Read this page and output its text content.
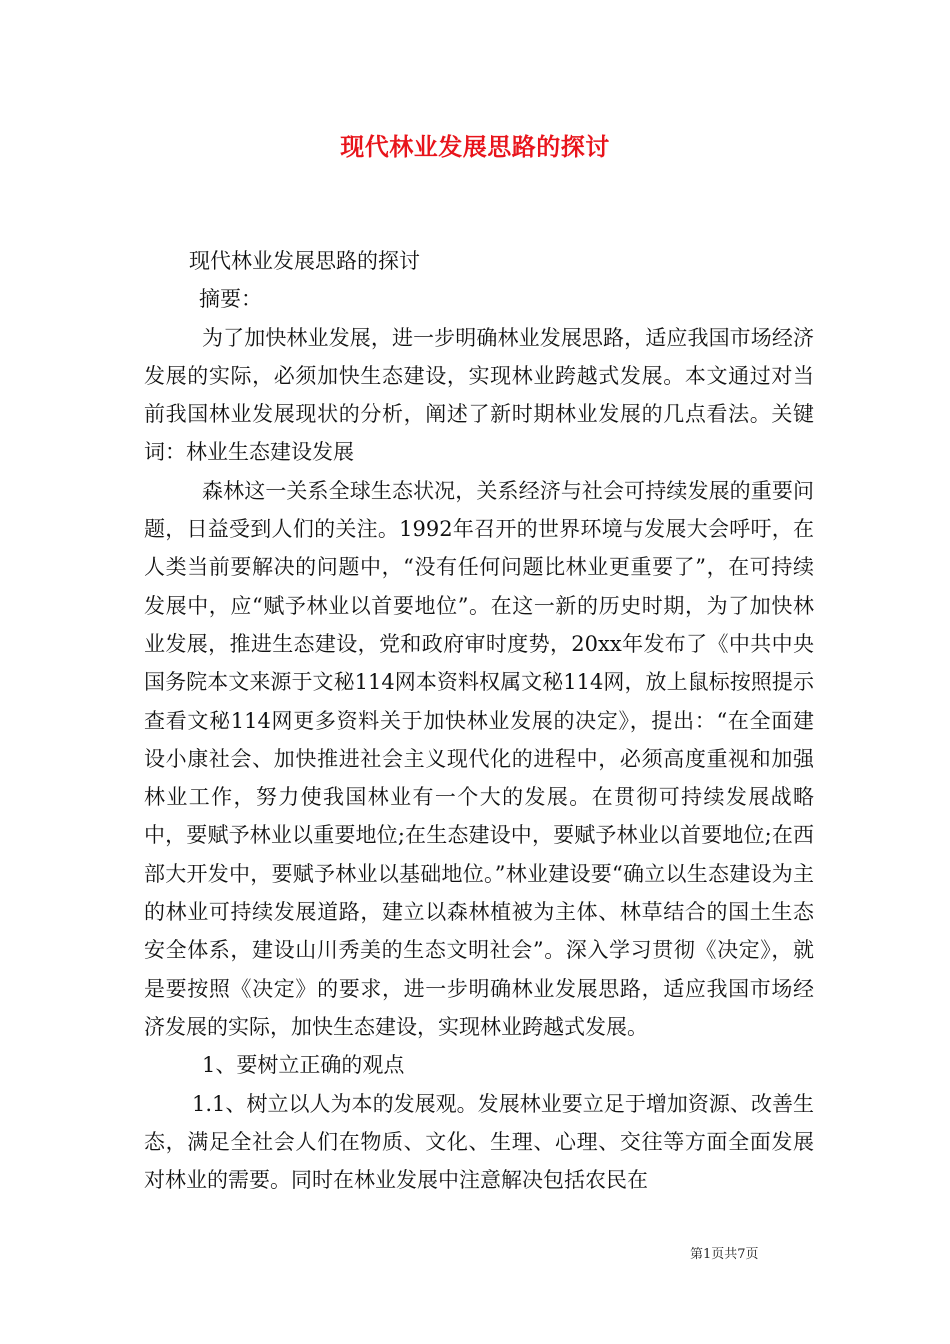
现代林业发展思路的探讨

现代林业发展思路的探讨

摘要：

为了加快林业发展，进一步明确林业发展思路，适应我国市场经济发展的实际，必须加快生态建设，实现林业跨越式发展。本文通过对当前我国林业发展现状的分析，阐述了新时期林业发展的几点看法。关键词：林业生态建设发展

森林这一关系全球生态状况，关系经济与社会可持续发展的重要问题，日益受到人们的关注。1992年召开的世界环境与发展大会呼吁，在人类当前要解决的问题中，“没有任何问题比林业更重要了”，在可持续发展中，应“赋予林业以首要地位”。在这一新的历史时期，为了加快林业发展，推进生态建设，党和政府审时度势，20xx年发布了《中共中央国务院本文来源于文秘114网本资料权属文秘114网，放上鼠标按照提示查看文秘114网更多资料关于加快林业发展的决定》，提出：“在全面建设小康社会、加快推进社会主义现代化的进程中，必须高度重视和加强林业工作，努力使我国林业有一个大的发展。在贯彻可持续发展战略中，要赋予林业以重要地位;在生态建设中，要赋予林业以首要地位;在西部大开发中，要赋予林业以基础地位。”林业建设要“确立以生态建设为主的林业可持续发展道路，建立以森林植被为主体、林草结合的国土生态安全体系，建设山川秀美的生态文明社会”。深入学习贯彻《决定》，就是要按照《决定》的要求，进一步明确林业发展思路，适应我国市场经济发展的实际，加快生态建设，实现林业跨越式发展。

1、要树立正确的观点

1.1、树立以人为本的发展观。发展林业要立足于增加资源、改善生态，满足全社会人们在物质、文化、生理、心理、交往等方面全面发展对林业的需要。同时在林业发展中注意解决包括农民在

第1页共7页
